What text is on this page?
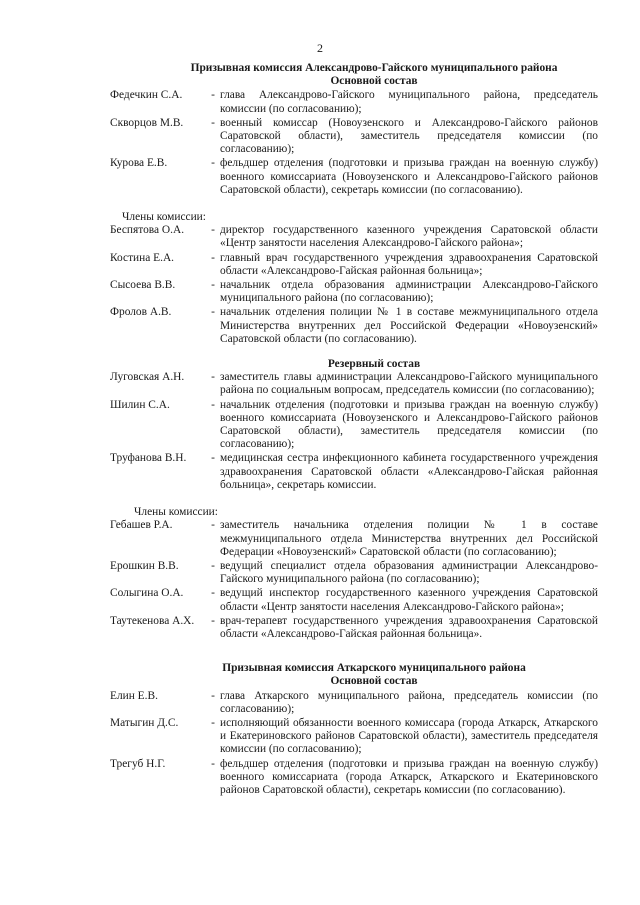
2
Призывная комиссия Александрово-Гайского муниципального района
Основной состав
Федечкин С.А.	- глава Александрово-Гайского муниципального района, председатель комиссии (по согласованию);
Скворцов М.В.	- военный комиссар (Новоузенского и Александрово-Гайского районов Саратовской области), заместитель председателя комиссии (по согласованию);
Курова Е.В.	- фельдшер отделения (подготовки и призыва граждан на военную службу) военного комиссариата (Новоузенского и Александрово-Гайского районов Саратовской области), секретарь комиссии (по согласованию).
Члены комиссии:
Беспятова О.А.	- директор государственного казенного учреждения Саратовской области «Центр занятости населения Александрово-Гайского района»;
Костина Е.А.	- главный врач государственного учреждения здравоохранения Саратовской области «Александрово-Гайская районная больница»;
Сысоева В.В.	- начальник отдела образования администрации Александрово-Гайского муниципального района (по согласованию);
Фролов А.В.	- начальник отделения полиции № 1 в составе межмуниципального отдела Министерства внутренних дел Российской Федерации «Новоузенский» Саратовской области (по согласованию).
Резервный состав
Луговская А.Н.	- заместитель главы администрации Александрово-Гайского муниципального района по социальным вопросам, председатель комиссии (по согласованию);
Шилин С.А.	- начальник отделения (подготовки и призыва граждан на военную службу) военного комиссариата (Новоузенского и Александрово-Гайского районов Саратовской области), заместитель председателя комиссии (по согласованию);
Труфанова В.Н.	- медицинская сестра инфекционного кабинета государственного учреждения здравоохранения Саратовской области «Александрово-Гайская районная больница», секретарь комиссии.
Члены комиссии:
Гебашев Р.А.	- заместитель начальника отделения полиции № 1 в составе межмуниципального отдела Министерства внутренних дел Российской Федерации «Новоузенский» Саратовской области (по согласованию);
Ерошкин В.В.	- ведущий специалист отдела образования администрации Александрово-Гайского муниципального района (по согласованию);
Солыгина О.А.	- ведущий инспектор государственного казенного учреждения Саратовской области «Центр занятости населения Александрово-Гайского района»;
Таутекенова А.Х.	- врач-терапевт государственного учреждения здравоохранения Саратовской области «Александрово-Гайская районная больница».
Призывная комиссия Аткарского муниципального района
Основной состав
Елин Е.В.	- глава Аткарского муниципального района, председатель комиссии (по согласованию);
Матыгин Д.С.	- исполняющий обязанности военного комиссара (города Аткарск, Аткарского и Екатериновского районов Саратовской области), заместитель председателя комиссии (по согласованию);
Трегуб Н.Г.	- фельдшер отделения (подготовки и призыва граждан на военную службу) военного комиссариата (города Аткарск, Аткарского и Екатериновского районов Саратовской области), секретарь комиссии (по согласованию).
